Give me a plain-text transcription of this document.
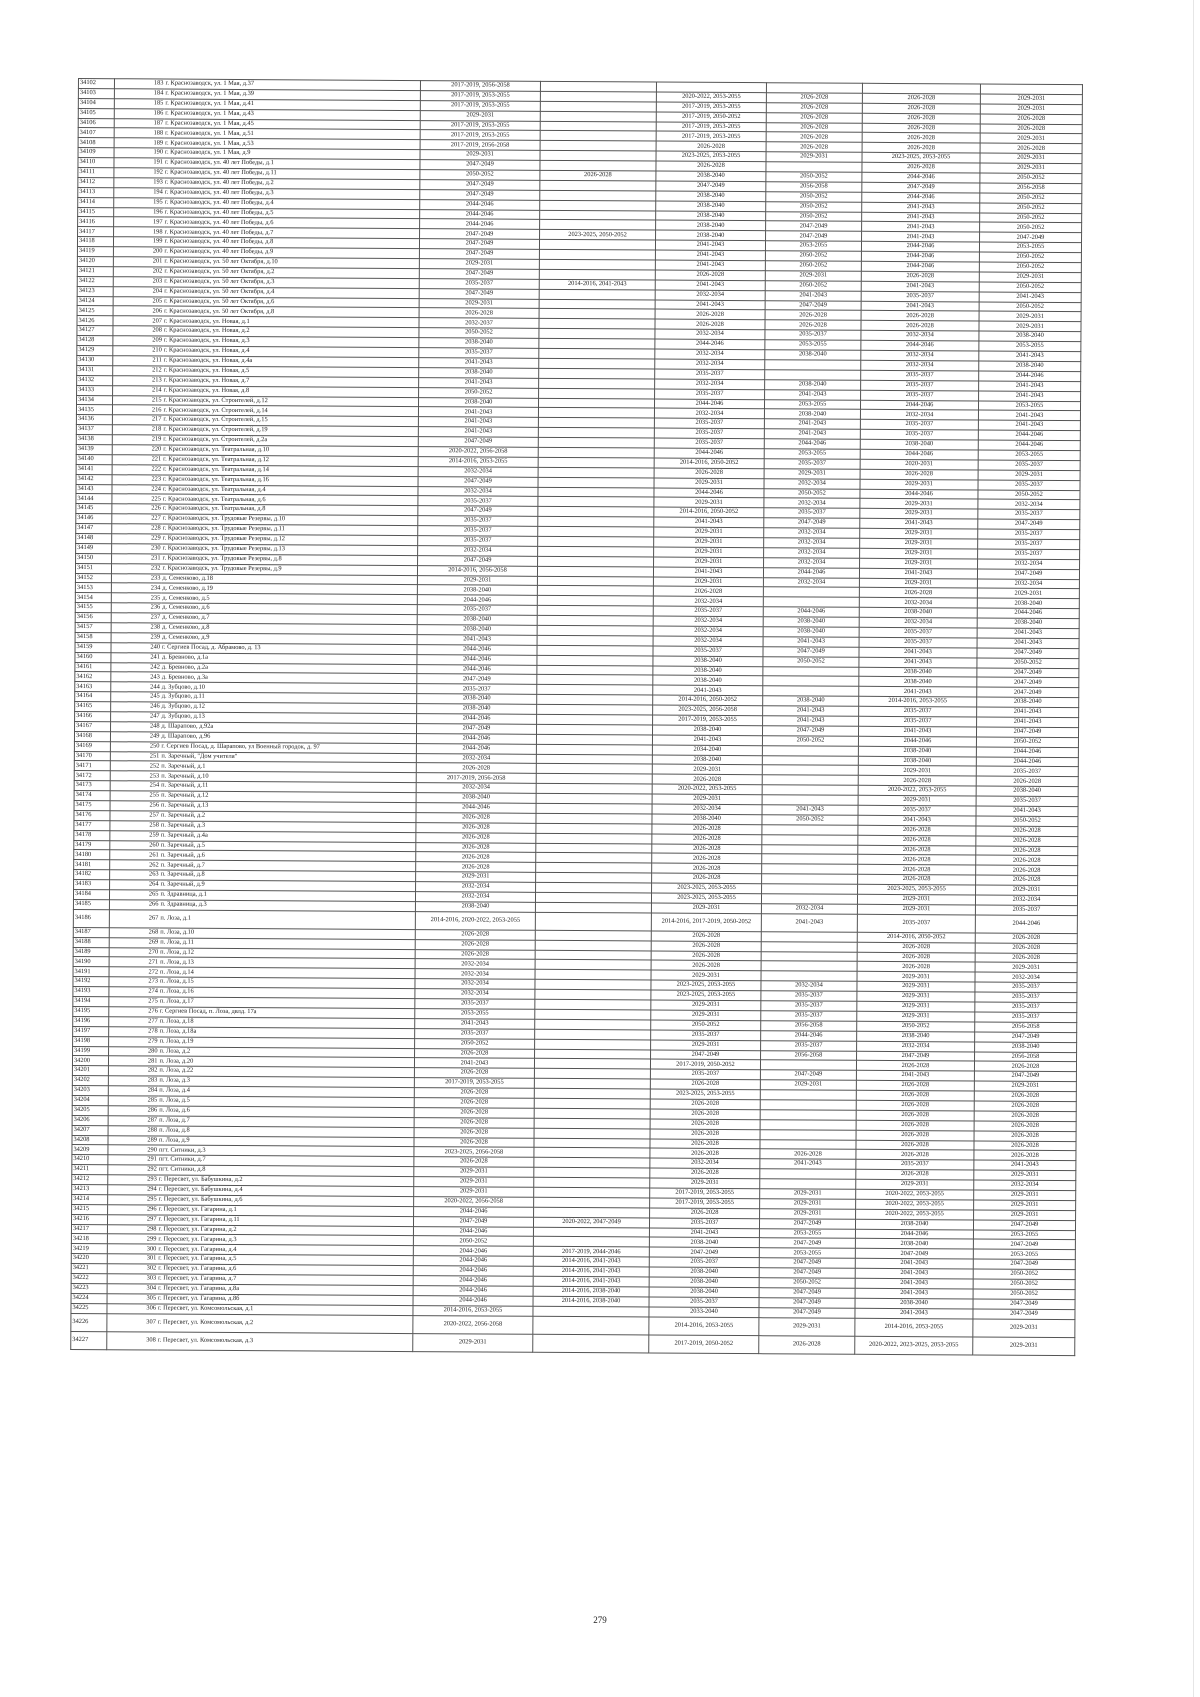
34102	183	г. Краснозаводск, ул. 1 Мая, д.37	2017-2019, 2056-2058					
34103	184	г. Краснозаводск, ул. 1 Мая, д.39	2017-2019, 2053-2055		2020-2022, 2053-2055	2026-2028	2026-2028	2029-2031
34104	185	г. Краснозаводск, ул. 1 Мая, д.41	2017-2019, 2053-2055		2017-2019, 2053-2055	2026-2028	2026-2028	2029-2031
34105	186	г. Краснозаводск, ул. 1 Мая, д.43	2029-2031		2017-2019, 2050-2052	2026-2028	2026-2028	2026-2028
34106	187	г. Краснозаводск, ул. 1 Мая, д.45	2017-2019, 2053-2055		2017-2019, 2053-2055	2026-2028	2026-2028	2026-2028
34107	188	г. Краснозаводск, ул. 1 Мая, д.51	2017-2019, 2053-2055		2017-2019, 2053-2055	2026-2028	2026-2028	2029-2031
34108	189	г. Краснозаводск, ул. 1 Мая, д.53	2017-2019, 2056-2058		2026-2028	2026-2028	2026-2028	2026-2028
34109	190	г. Краснозаводск, ул. 1 Мая, д.9	2029-2031		2023-2025, 2053-2055	2029-2031	2023-2025, 2053-2055	2029-2031
34110	191	г. Краснозаводск, ул. 40 лет Победы, д.1	2047-2049		2026-2028		2026-2028	2029-2031
34111	192	г. Краснозаводск, ул. 40 лет Победы, д.11	2050-2052	2026-2028	2038-2040	2050-2052	2044-2046	2050-2052
34112	193	г. Краснозаводск, ул. 40 лет Победы, д.2	2047-2049		2047-2049	2056-2058	2047-2049	2056-2058
34113	194	г. Краснозаводск, ул. 40 лет Победы, д.3	2047-2049		2038-2040	2050-2052	2044-2046	2050-2052
34114	195	г. Краснозаводск, ул. 40 лет Победы, д.4	2044-2046		2038-2040	2050-2052	2041-2043	2050-2052
34115	196	г. Краснозаводск, ул. 40 лет Победы, д.5	2044-2046		2038-2040	2050-2052	2041-2043	2050-2052
34116	197	г. Краснозаводск, ул. 40 лет Победы, д.6	2044-2046		2038-2040	2047-2049	2041-2043	2050-2052
34117	198	г. Краснозаводск, ул. 40 лет Победы, д.7	2047-2049	2023-2025, 2050-2052	2038-2040	2047-2049	2041-2043	2047-2049
34118	199	г. Краснозаводск, ул. 40 лет Победы, д.8	2047-2049		2041-2043	2053-2055	2044-2046	2053-2055
34119	200	г. Краснозаводск, ул. 40 лет Победы, д.9	2047-2049		2041-2043	2050-2052	2044-2046	2050-2052
34120	201	г. Краснозаводск, ул. 50 лет Октября, д.10	2029-2031		2041-2043	2050-2052	2044-2046	2050-2052
34121	202	г. Краснозаводск, ул. 50 лет Октября, д.2	2047-2049		2026-2028	2029-2031	2026-2028	2029-2031
34122	203	г. Краснозаводск, ул. 50 лет Октября, д.3	2035-2037	2014-2016, 2041-2043	2041-2043	2050-2052	2041-2043	2050-2052
34123	204	г. Краснозаводск, ул. 50 лет Октября, д.4	2047-2049		2032-2034	2041-2043	2035-2037	2041-2043
34124	205	г. Краснозаводск, ул. 50 лет Октября, д.6	2029-2031		2041-2043	2047-2049	2041-2043	2050-2052
34125	206	г. Краснозаводск, ул. 50 лет Октября, д.8	2026-2028		2026-2028	2026-2028	2026-2028	2029-2031
34126	207	г. Краснозаводск, ул. Новая, д.1	2032-2037		2026-2028	2026-2028	2026-2028	2029-2031
34127	208	г. Краснозаводск, ул. Новая, д.2	2050-2052		2032-2034	2035-2037	2032-2034	2038-2040
34128	209	г. Краснозаводск, ул. Новая, д.3	2038-2040		2044-2046	2053-2055	2044-2046	2053-2055
34129	210	г. Краснозаводск, ул. Новая, д.4	2035-2037		2032-2034	2038-2040	2032-2034	2041-2043
34130	211	г. Краснозаводск, ул. Новая, д.4а	2041-2043		2032-2034		2032-2034	2038-2040
34131	212	г. Краснозаводск, ул. Новая, д.5	2038-2040		2035-2037		2035-2037	2044-2046
34132	213	г. Краснозаводск, ул. Новая, д.7	2041-2043		2032-2034	2038-2040	2035-2037	2041-2043
34133	214	г. Краснозаводск, ул. Новая, д.8	2050-2052		2035-2037	2041-2043	2035-2037	2041-2043
34134	215	г. Краснозаводск, ул. Строителей, д.12	2038-2040		2044-2046	2053-2055	2044-2046	2053-2055
34135	216	г. Краснозаводск, ул. Строителей, д.14	2041-2043		2032-2034	2038-2040	2032-2034	2041-2043
34136	217	г. Краснозаводск, ул. Строителей, д.15	2041-2043		2035-2037	2041-2043	2035-2037	2041-2043
34137	218	г. Краснозаводск, ул. Строителей, д.19	2041-2043		2035-2037	2041-2043	2035-2037	2044-2046
34138	219	г. Краснозаводск, ул. Строителей, д.2а	2047-2049		2035-2037	2044-2046	2038-2040	2044-2046
34139	220	г. Краснозаводск, ул. Театральная, д.10	2020-2022, 2056-2058		2044-2046	2053-2055	2044-2046	2053-2055
34140	221	г. Краснозаводск, ул. Театральная, д.12	2014-2016, 2053-2055		2014-2016, 2050-2052	2035-2037	2020-2031	2035-2037
34141	222	г. Краснозаводск, ул. Театральная, д.14	2032-2034		2026-2028	2029-2031	2026-2028	2029-2031
34142	223	г. Краснозаводск, ул. Театральная, д.16	2047-2049		2029-2031	2032-2034	2029-2031	2035-2037
34143	224	г. Краснозаводск, ул. Театральная, д.4	2032-2034		2044-2046	2050-2052	2044-2046	2050-2052
34144	225	г. Краснозаводск, ул. Театральная, д.6	2035-2037		2029-2031	2032-2034	2029-2031	2032-2034
34145	226	г. Краснозаводск, ул. Театральная, д.8	2047-2049		2014-2016, 2050-2052	2035-2037	2029-2031	2035-2037
34146	227	г. Краснозаводск, ул. Трудовые Резервы, д.10	2035-2037		2041-2043	2047-2049	2041-2043	2047-2049
34147	228	г. Краснозаводск, ул. Трудовые Резервы, д.11	2035-2037		2029-2031	2032-2034	2029-2031	2035-2037
34148	229	г. Краснозаводск, ул. Трудовые Резервы, д.12	2035-2037		2029-2031	2032-2034	2029-2031	2035-2037
34149	230	г. Краснозаводск, ул. Трудовые Резервы, д.13	2032-2034		2029-2031	2032-2034	2029-2031	2035-2037
34150	231	г. Краснозаводск, ул. Трудовые Резервы, д.8	2047-2049		2029-2031	2032-2034	2029-2031	2032-2034
34151	232	г. Краснозаводск, ул. Трудовые Резервы, д.9	2014-2016, 2056-2058		2041-2043	2044-2046	2041-2043	2047-2049
34152	233	д. Семенково, д.18	2029-2031		2029-2031	2032-2034	2029-2031	2032-2034
34153	234	д. Семенково, д.19	2038-2040		2026-2028		2026-2028	2029-2031
34154	235	д. Семенково, д.5	2044-2046		2032-2034		2032-2034	2038-2040
34155	236	д. Семенково, д.6	2035-2037		2035-2037	2044-2046	2038-2040	2044-2046
34156	237	д. Семенково, д.7	2038-2040		2032-2034	2038-2040	2032-2034	2038-2040
34157	238	д. Семенково, д.8	2038-2040		2032-2034	2038-2040	2035-2037	2041-2043
34158	239	д. Семенково, д.9	2041-2043		2032-2034	2041-2043	2035-2037	2041-2043
34159	240	г. Сергиев Посад, д. Абрамово, д. 13	2044-2046		2035-2037	2047-2049	2041-2043	2047-2049
34160	241	д. Бревново, д.1а	2044-2046		2038-2040	2050-2052	2041-2043	2050-2052
34161	242	д. Бревново, д.2а	2044-2046		2038-2040		2038-2040	2047-2049
34162	243	д. Бревново, д.3а	2047-2049		2038-2040		2038-2040	2047-2049
34163	244	д. Зубцово, д.10	2035-2037		2041-2043		2041-2043	2047-2049
34164	245	д. Зубцово, д.11	2038-2040		2014-2016, 2050-2052	2038-2040	2014-2016, 2053-2055	2038-2040
34165	246	д. Зубцово, д.12	2038-2040		2023-2025, 2056-2058	2041-2043	2035-2037	2041-2043
34166	247	д. Зубцово, д.13	2044-2046		2017-2019, 2053-2055	2041-2043	2035-2037	2041-2043
34167	248	д. Шарапово, д.92а	2047-2049		2038-2040	2047-2049	2041-2043	2047-2049
34168	249	д. Шарапово, д.96	2044-2046		2041-2043	2050-2052	2044-2046	2050-2052
34169	250	г. Сергиев Посад, д. Шарапово, ул Военный городок, д. 97	2044-2046		2034-2040		2038-2040	2044-2046
34170	251	п. Заречный, "Дом учителя"	2032-2034		2038-2040		2038-2040	2044-2046
34171	252	п. Заречный, д.1	2026-2028		2029-2031		2029-2031	2035-2037
34172	253	п. Заречный, д.10	2017-2019, 2056-2058		2026-2028		2026-2028	2026-2028
34173	254	п. Заречный, д.11	2032-2034		2020-2022, 2053-2055		2020-2022, 2053-2055	2038-2040
34174	255	п. Заречный, д.12	2038-2040		2029-2031		2029-2031	2035-2037
34175	256	п. Заречный, д.13	2044-2046		2032-2034	2041-2043	2035-2037	2041-2043
34176	257	п. Заречный, д.2	2026-2028		2038-2040	2050-2052	2041-2043	2050-2052
34177	258	п. Заречный, д.3	2026-2028		2026-2028		2026-2028	2026-2028
34178	259	п. Заречный, д.4а	2026-2028		2026-2028		2026-2028	2026-2028
34179	260	п. Заречный, д.5	2026-2028		2026-2028		2026-2028	2026-2028
34180	261	п. Заречный, д.6	2026-2028		2026-2028		2026-2028	2026-2028
34181	262	п. Заречный, д.7	2026-2028		2026-2028		2026-2028	2026-2028
34182	263	п. Заречный, д.8	2029-2031		2026-2028		2026-2028	2026-2028
34183	264	п. Заречный, д.9	2032-2034		2023-2025, 2053-2055		2023-2025, 2053-2055	2029-2031
34184	265	п. Здравница, д.1	2032-2034		2023-2025, 2053-2055		2029-2031	2032-2034
34185	266	п. Здравница, д.3	2038-2040		2029-2031	2032-2034	2029-2031	2035-2037
34186	267	п. Лоза, д.1	2014-2016, 2020-2022, 2053-2055		2014-2016, 2017-2019, 2050-2052	2041-2043	2035-2037	2044-2046
34187	268	п. Лоза, д.10	2026-2028		2026-2028		2014-2016, 2050-2052	2026-2028
34188	269	п. Лоза, д.11	2026-2028		2026-2028		2026-2028	2026-2028
34189	270	п. Лоза, д.12	2026-2028		2026-2028		2026-2028	2026-2028
34190	271	п. Лоза, д.13	2032-2034		2026-2028		2026-2028	2029-2031
34191	272	п. Лоза, д.14	2032-2034		2029-2031		2029-2031	2032-2034
34192	273	п. Лоза, д.15	2032-2034		2023-2025, 2053-2055	2032-2034	2029-2031	2035-2037
34193	274	п. Лоза, д.16	2032-2034		2023-2025, 2053-2055	2035-2037	2029-2031	2035-2037
34194	275	п. Лоза, д.17	2035-2037		2029-2031	2035-2037	2029-2031	2035-2037
34195	276	г. Сергиев Посад, п. Лоза, двлд. 17а	2053-2055		2029-2031	2035-2037	2029-2031	2035-2037
34196	277	п. Лоза, д.18	2041-2043		2050-2052	2056-2058	2050-2052	2056-2058
34197	278	п. Лоза, д.18а	2035-2037		2035-2037	2044-2046	2038-2040	2047-2049
34198	279	п. Лоза, д.19	2050-2052		2029-2031	2035-2037	2032-2034	2038-2040
34199	280	п. Лоза, д.2	2026-2028		2047-2049	2056-2058	2047-2049	2056-2058
34200	281	п. Лоза, д.20	2041-2043		2017-2019, 2050-2052		2026-2028	2026-2028
34201	282	п. Лоза, д.22	2026-2028		2035-2037	2047-2049	2041-2043	2047-2049
34202	283	п. Лоза, д.3	2017-2019, 2053-2055		2026-2028	2029-2031	2026-2028	2029-2031
34203	284	п. Лоза, д.4	2026-2028		2023-2025, 2053-2055		2026-2028	2026-2028
34204	285	п. Лоза, д.5	2026-2028		2026-2028		2026-2028	2026-2028
34205	286	п. Лоза, д.6	2026-2028		2026-2028		2026-2028	2026-2028
34206	287	п. Лоза, д.7	2026-2028		2026-2028		2026-2028	2026-2028
34207	288	п. Лоза, д.8	2026-2028		2026-2028		2026-2028	2026-2028
34208	289	п. Лоза, д.9	2026-2028		2026-2028		2026-2028	2026-2028
34209	290	пгт. Ситники, д.3	2023-2025, 2056-2058		2026-2028	2026-2028	2026-2028	2026-2028
34210	291	пгт. Ситники, д.7	2026-2028		2032-2034	2041-2043	2035-2037	2041-2043
34211	292	пгт. Ситники, д.8	2029-2031		2026-2028		2026-2028	2029-2031
34212	293	г. Пересвет, ул. Бабушкина, д.2	2029-2031		2029-2031		2029-2031	2032-2034
34213	294	г. Пересвет, ул. Бабушкина, д.4	2029-2031		2017-2019, 2053-2055	2029-2031	2020-2022, 2053-2055	2029-2031
34214	295	г. Пересвет, ул. Бабушкина, д.6	2020-2022, 2056-2058		2017-2019, 2053-2055	2029-2031	2020-2022, 2053-2055	2029-2031
34215	296	г. Пересвет, ул. Гагарина, д.1	2044-2046		2026-2028	2029-2031	2020-2022, 2053-2055	2029-2031
34216	297	г. Пересвет, ул. Гагарина, д.11	2047-2049	2020-2022, 2047-2049	2035-2037	2047-2049	2038-2040	2047-2049
34217	298	г. Пересвет, ул. Гагарина, д.2	2044-2046		2041-2043	2053-2055	2044-2046	2053-2055
34218	299	г. Пересвет, ул. Гагарина, д.3	2050-2052		2038-2040	2047-2049	2038-2040	2047-2049
34219	300	г. Пересвет, ул. Гагарина, д.4	2044-2046	2017-2019, 2044-2046	2047-2049	2053-2055	2047-2049	2053-2055
34220	301	г. Пересвет, ул. Гагарина, д.5	2044-2046	2014-2016, 2041-2043	2035-2037	2047-2049	2041-2043	2047-2049
34221	302	г. Пересвет, ул. Гагарина, д.6	2044-2046	2014-2016, 2041-2043	2038-2040	2047-2049	2041-2043	2050-2052
34222	303	г. Пересвет, ул. Гагарина, д.7	2044-2046	2014-2016, 2041-2043	2038-2040	2050-2052	2041-2043	2050-2052
34223	304	г. Пересвет, ул. Гагарина, д.8а	2044-2046	2014-2016, 2038-2040	2038-2040	2047-2049	2041-2043	2050-2052
34224	305	г. Пересвет, ул. Гагарина, д.8б	2044-2046	2014-2016, 2038-2040	2035-2037	2047-2049	2038-2040	2047-2049
34225	306	г. Пересвет, ул. Комсомольская, д.1	2014-2016, 2053-2055		2033-2040	2047-2049	2041-2043	2047-2049
34226	307	г. Пересвет, ул. Комсомольская, д.2	2020-2022, 2056-2058		2014-2016, 2053-2055	2029-2031	2014-2016, 2053-2055	2029-2031
34227	308	г. Пересвет, ул. Комсомольская, д.3	2029-2031		2017-2019, 2050-2052	2026-2028	2020-2022, 2023-2025, 2053-2055	2029-2031
279
